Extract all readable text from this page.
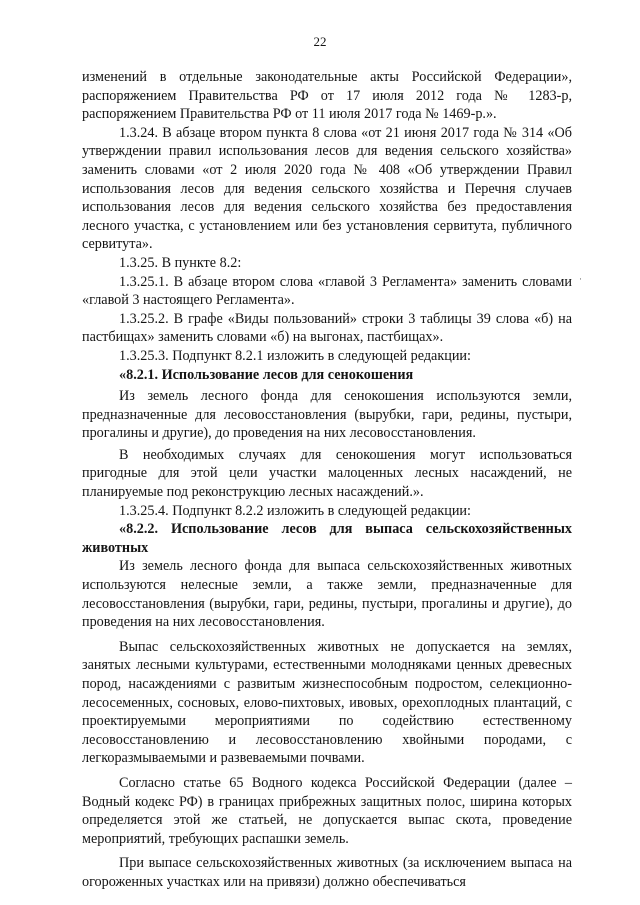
22
·

изменений в отдельные законодательные акты Российской Федерации», распоряжением Правительства РФ от 17 июля 2012 года № 1283-р, распоряжением Правительства РФ от 11 июля 2017 года № 1469-р.».

1.3.24. В абзаце втором пункта 8 слова «от 21 июня 2017 года № 314 «Об утверждении правил использования лесов для ведения сельского хозяйства» заменить словами «от 2 июля 2020 года № 408 «Об утверждении Правил использования лесов для ведения сельского хозяйства и Перечня случаев использования лесов для ведения сельского хозяйства без предоставления лесного участка, с установлением или без установления сервитута, публичного сервитута».

1.3.25. В пункте 8.2:

1.3.25.1. В абзаце втором слова «главой 3 Регламента» заменить словами «главой 3 настоящего Регламента».

1.3.25.2. В графе «Виды пользований» строки 3 таблицы 39 слова «б) на пастбищах» заменить словами «б) на выгонах, пастбищах».

1.3.25.3. Подпункт 8.2.1 изложить в следующей редакции:

«8.2.1. Использование лесов для сенокошения

Из земель лесного фонда для сенокошения используются земли, предназначенные для лесовосстановления (вырубки, гари, редины, пустыри, прогалины и другие), до проведения на них лесовосстановления.

В необходимых случаях для сенокошения могут использоваться пригодные для этой цели участки малоценных лесных насаждений, не планируемые под реконструкцию лесных насаждений.».

1.3.25.4. Подпункт 8.2.2 изложить в следующей редакции:

«8.2.2. Использование лесов для выпаса сельскохозяйственных животных

Из земель лесного фонда для выпаса сельскохозяйственных животных используются нелесные земли, а также земли, предназначенные для лесовосстановления (вырубки, гари, редины, пустыри, прогалины и другие), до проведения на них лесовосстановления.

Выпас сельскохозяйственных животных не допускается на землях, занятых лесными культурами, естественными молодняками ценных древесных пород, насаждениями с развитым жизнеспособным подростом, селекционно-лесосеменных, сосновых, елово-пихтовых, ивовых, орехоплодных плантаций, с проектируемыми мероприятиями по содействию естественному лесовосстановлению и лесовосстановлению хвойными породами, с легкоразмываемыми и развеваемыми почвами.

Согласно статье 65 Водного кодекса Российской Федерации (далее – Водный кодекс РФ) в границах прибрежных защитных полос, ширина которых определяется этой же статьей, не допускается выпас скота, проведение мероприятий, требующих распашки земель.

При выпасе сельскохозяйственных животных (за исключением выпаса на огороженных участках или на привязи) должно обеспечиваться
